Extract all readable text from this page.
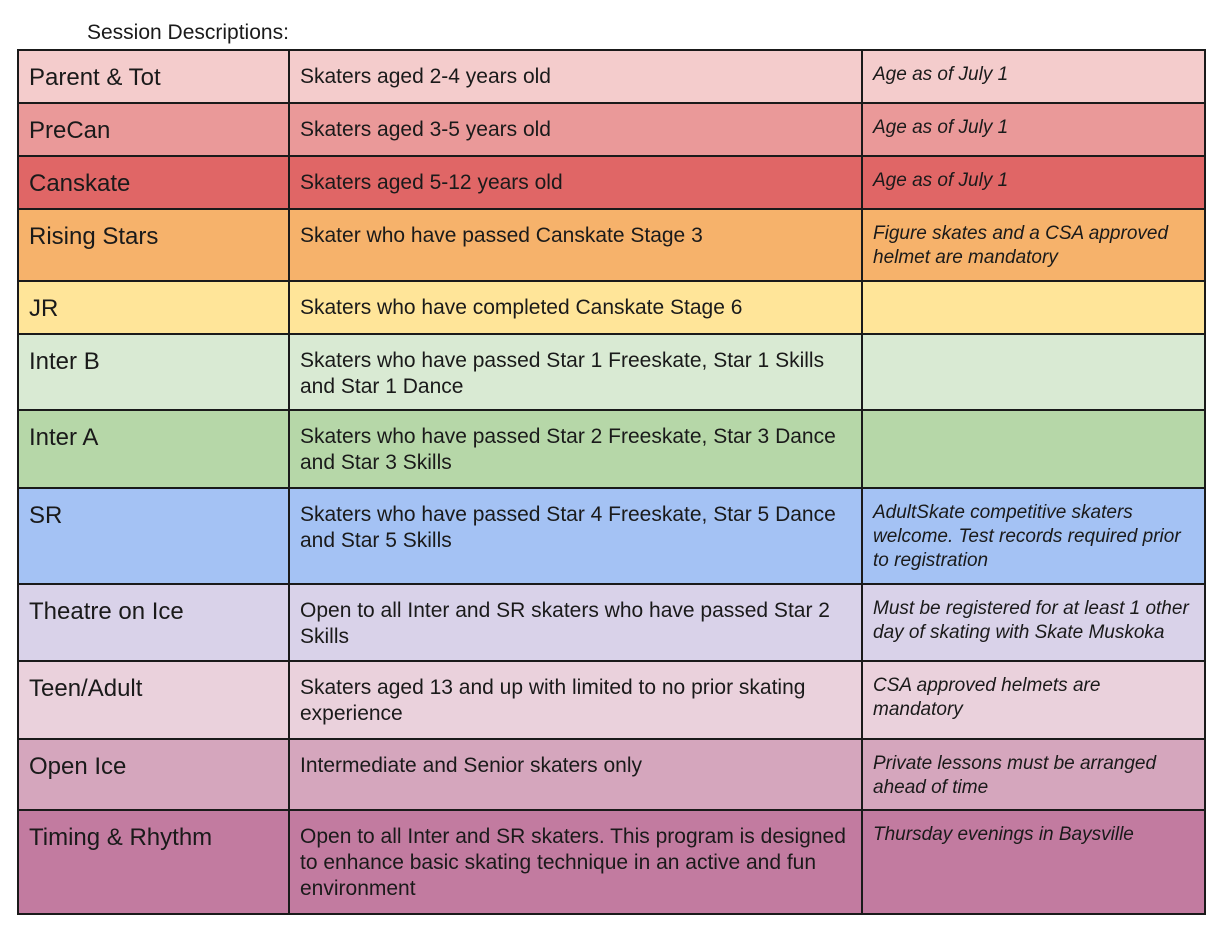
Session Descriptions:
Parent & Tot	Skaters aged 2-4 years old	Age as of July 1

PreCan	Skaters aged 3-5 years old	Age as of July 1

Canskate	Skaters aged 5-12 years old	Age as of July 1

Rising Stars	Skater who have passed Canskate Stage 3	Figure skates and a CSA approved helmet are mandatory

JR	Skaters who have completed Canskate Stage 6	

Inter B	Skaters who have passed Star 1 Freeskate, Star 1 Skills and Star 1 Dance	

Inter A	Skaters who have passed Star 2 Freeskate, Star 3 Dance and Star 3 Skills	

SR	Skaters who have passed Star 4 Freeskate, Star 5 Dance and Star 5 Skills	AdultSkate competitive skaters welcome. Test records required prior to registration

Theatre on Ice	Open to all Inter and SR skaters who have passed Star 2 Skills	Must be registered for at least 1 other day of skating with Skate Muskoka

Teen/Adult	Skaters aged 13 and up with limited to no prior skating experience	CSA approved helmets are mandatory

Open Ice	Intermediate and Senior skaters only	Private lessons must be arranged ahead of time

Timing & Rhythm	Open to all Inter and SR skaters. This program is designed to enhance basic skating technique in an active and fun environment	Thursday evenings in Baysville
